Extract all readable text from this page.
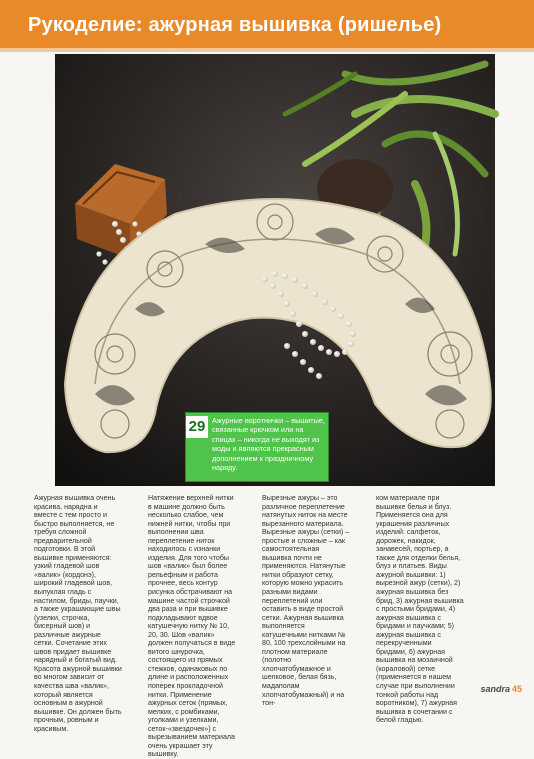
Рукоделие: ажурная вышивка (ришелье)
29 Ажурные воротнички – вышитые, связанные крючком или на спицах – никогда не выходят из моды и являются прекрасным дополнением к праздничному наряду.

Ажурная вышивка очень красива, нарядна и вместе с тем просто и быстро выполняется, не требуя сложной предварительной подготовки. В этой вышивке применяются: узкий гладевой шов «валик» (кордонэ), широкий гладевой шов, выпуклая гладь с настилом, бриды, паучки, а также украшающие швы (узелки, строчка, бисерный шов) и различные ажурные сетки. Сочетание этих швов придает вышивке нарядный и богатый вид. Красота ажурной вышивки во многом зависит от качества шва «валик», который является основным в ажурной вышивке. Он должен быть прочным, ровным и красивым.

Натяжение верхней нитки в машине должно быть несколько слабое, чем нижней нитки, чтобы при выполнении шва переплетение ниток находилось с изнанки изделия. Для того чтобы шов «валик» был более рельефным и работа прочнее, весь контур рисунка обстрачивают на машине частой строчкой два раза и при вышивке подкладывают вдвое катушечную нитку № 10, 20, 30. Шов «валик» должен получаться в виде витого шнурочка, состоящего из прямых стежков, одинаковых по длине и расположенных поперек прокладочной нитки. Применение ажурных сеток (прямых, мелких, с ромбиками, уголками и узелками, сеток-«звездочек») с вырезыванием материала очень украшает эту вышивку.

Вырезные ажуры – это различное переплетение натянутых ниток на месте вырезанного материала. Вырезные ажуры (сетки) – простые и сложные – как самостоятельная вышивка почти не применяются. Натянутые нитки образуют сетку, которую можно украсить разными видами переплетений или оставить в виде простой сетки. Ажурная вышивка выполняется катушечными нитками № 80, 100 трехслойными на плотном материале (полотно хлопчатобумажное и шелковое, белая бязь, мадаполам хлопчатобумажный) и на тон-

ком материале при вышивке белья и блуз. Применяется она для украшения различных изделий: салфеток, дорожек, накидок, занавесей, портьер, а также для отделки белья, блуз и платьев. Виды ажурной вышивки: 1) вырезной ажур (сетки), 2) ажурная вышивка без брид, 3) ажурная вышивка с простыми бридами, 4) ажурная вышивка с бридами и паучками; 5) ажурная вышивка с перекрученными бридами, 6) ажурная вышивка на мозаичной (кораловой) сетке (применяется в нашем случае при выполнении тонкой работы над воротником), 7) ажурная вышивка в сочетании с белой гладью.

sandra 45
